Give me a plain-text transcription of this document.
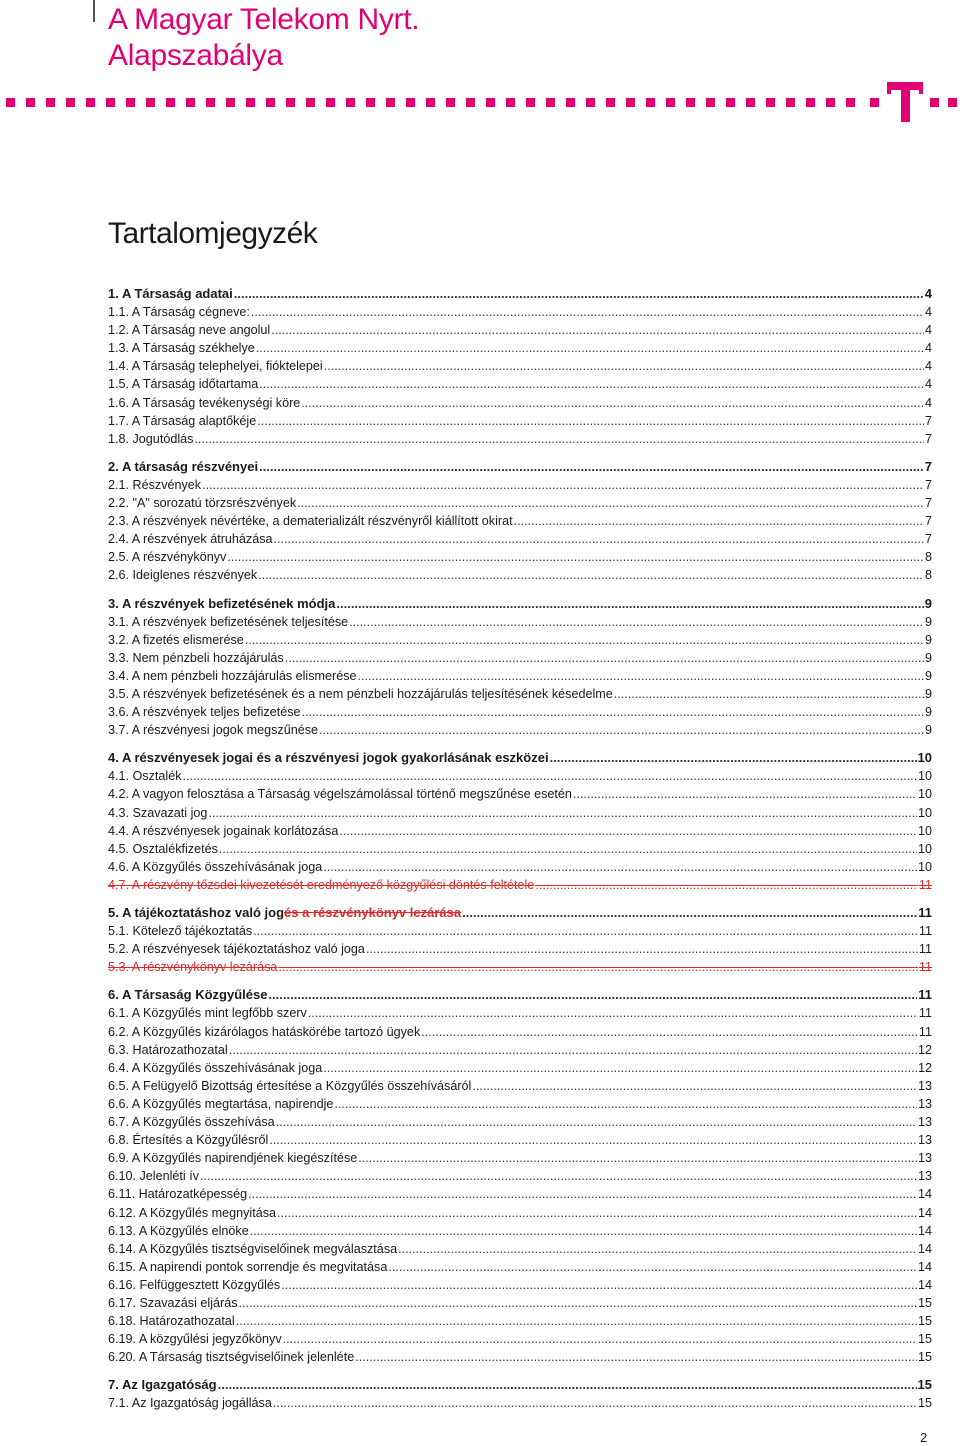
A Magyar Telekom Nyrt.
Alapszabálya
Tartalomjegyzék
1. A Társaság adatai .....	4
1.1. A Társaság cégneve: .....	4
1.2. A Társaság neve angolul .....	4
1.3. A Társaság székhelye .....	4
1.4. A Társaság telephelyei, fióktelepei .....	4
1.5. A Társaság időtartama .....	4
1.6. A Társaság tevékenységi köre .....	4
1.7. A Társaság alaptőkéje .....	7
1.8. Jogutódlás .....	7
2. A társaság részvényei .....	7
2.1. Részvények .....	7
2.2. "A" sorozatú törzsrészvények .....	7
2.3. A részvények névértéke, a dematerializált részvényről kiállított okirat .....	7
2.4. A részvények átruházása .....	7
2.5. A részvénykönyv .....	8
2.6. Ideiglenes részvények .....	8
3. A részvények befizetésének módja .....	9
3.1. A részvények befizetésének teljesítése .....	9
3.2. A fizetés elismerése .....	9
3.3. Nem pénzbeli hozzájárulás .....	9
3.4. A nem pénzbeli hozzájárulás elismerése .....	9
3.5. A részvények befizetésének és a nem pénzbeli hozzájárulás teljesítésének késedelme .....	9
3.6. A részvények teljes befizetése .....	9
3.7. A részvényesi jogok megszűnése .....	9
4. A részvényesek jogai és a részvényesi jogok gyakorlásának eszközei .....	10
4.1. Osztalék .....	10
4.2. A vagyon felosztása a Társaság végelszámolással történő megszűnése esetén .....	10
4.3. Szavazati jog .....	10
4.4. A részvényesek jogainak korlátozása .....	10
4.5. Osztalékfizetés .....	10
4.6. A Közgyűlés összehívásának joga .....	10
4.7. A részvény tőzsdei kivezetését eredményező közgyűlési döntés feltétele .....	11
5. A tájékoztatáshoz való jog és a részvénykönyv lezárása .....	11
5.1. Kötelező tájékoztatás .....	11
5.2. A részvényesek tájékoztatáshoz való joga .....	11
5.3. A részvénykönyv lezárása .....	11
6. A Társaság Közgyűlése .....	11
6.1. A Közgyűlés mint legfőbb szerv .....	11
6.2. A Közgyűlés kizárólagos hatáskörébe tartozó ügyek .....	11
6.3. Határozathozatal .....	12
6.4. A Közgyűlés összehívásának joga .....	12
6.5. A Felügyelő Bizottság értesítése a Közgyűlés összehívásáról .....	13
6.6. A Közgyűlés megtartása, napirendje .....	13
6.7. A Közgyűlés összehívása .....	13
6.8. Értesítés a Közgyűlésről .....	13
6.9. A Közgyűlés napirendjének kiegészítése .....	13
6.10. Jelenléti ív .....	13
6.11. Határozatképesség .....	14
6.12. A Közgyűlés megnyitása .....	14
6.13. A Közgyűlés elnöke .....	14
6.14. A Közgyűlés tisztségviselőinek megválasztása .....	14
6.15. A napirendi pontok sorrendje és megvitatása .....	14
6.16. Felfüggesztett Közgyűlés .....	14
6.17. Szavazási eljárás .....	15
6.18. Határozathozatal .....	15
6.19. A közgyűlési jegyzőkönyv .....	15
6.20. A Társaság tisztségviselőinek jelenléte .....	15
7. Az Igazgatóság .....	15
7.1. Az Igazgatóság jogállása .....	15
2
